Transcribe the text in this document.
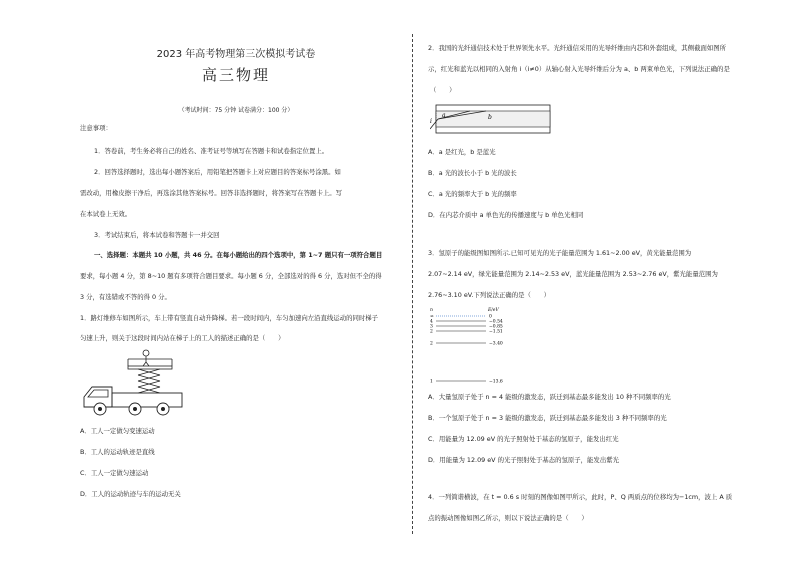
2023 年高考物理第三次模拟考试卷
高三物理
（考试时间：75 分钟 试卷满分：100 分）
注意事项：
1．答卷前，考生务必将自己的姓名、准考证号等填写在答题卡和试卷指定位置上。
2．回答选择题时，选出每小题答案后，用铅笔把答题卡上对应题目的答案标号涂黑。如
需改动，用橡皮擦干净后，再选涂其他答案标号。回答非选择题时，将答案写在答题卡上。写
在本试卷上无效。
3．考试结束后，将本试卷和答题卡一并交回
一、选择题：本题共 10 小题，共 46 分。在每小题给出的四个选项中，第 1~7 题只有一项符合题目
要求，每小题 4 分，第 8~10 题有多项符合题目要求。每小题 6 分，全部选对的得 6 分，选对但不全的得
3 分，有选错或不答的得 0 分。
1．路灯维修车如图所示，车上带有竖直自动升降梯。若一段时间内，车匀加速向左沿直线运动的同时梯子
匀速上升，则关于这段时间内站在梯子上的工人的描述正确的是（　　）
A．工人一定做匀变速运动
B．工人的运动轨迹是直线
C．工人一定做匀速运动
D．工人的运动轨迹与车的运动无关
2．我国的光纤通信技术处于世界领先水平。光纤通信采用的光导纤维由内芯和外套组成，其侧截面如图所
示，红光和蓝光以相同的入射角 i（i≠0）从轴心射入光导纤维后分为 a、b 两束单色光，下列说法正确的是
（　　）
a	b
i
A．a 是红光，b 是蓝光
B．a 光的波长小于 b 光的波长
C．a 光的频率大于 b 光的频率
D．在内芯介质中 a 单色光的传播速度与 b 单色光相同
3．氢原子的能级图如图所示.已知可见光的光子能量范围为 1.61~2.00 eV，黄光能量范围为
2.07~2.14 eV，绿光能量范围为 2.14~2.53 eV，蓝光能量范围为 2.53~2.76 eV，紫光能量范围为
2.76~3.10 eV.下列说法正确的是（　　）
n	E/eV
∞
4
3
2
2
1
0
−0.54
−0.85
−1.51
−3.40
−13.6
A．大量氢原子处于 n = 4 能级的激发态，跃迁到基态最多能发出 10 种不同频率的光
B．一个氢原子处于 n = 3 能级的激发态，跃迁到基态最多能发出 3 种不同频率的光
C．用能量为 12.09 eV 的光子照射处于基态的氢原子，能发出红光
D．用能量为 12.09 eV 的光子照射处于基态的氢原子，能发出紫光
4．一列简谐横波，在 t = 0.6 s 时刻的图像如图甲所示，此时，P、Q 两质点的位移均为−1cm，波上 A 质
点的振动图像如图乙所示，则以下说法正确的是（　　）
